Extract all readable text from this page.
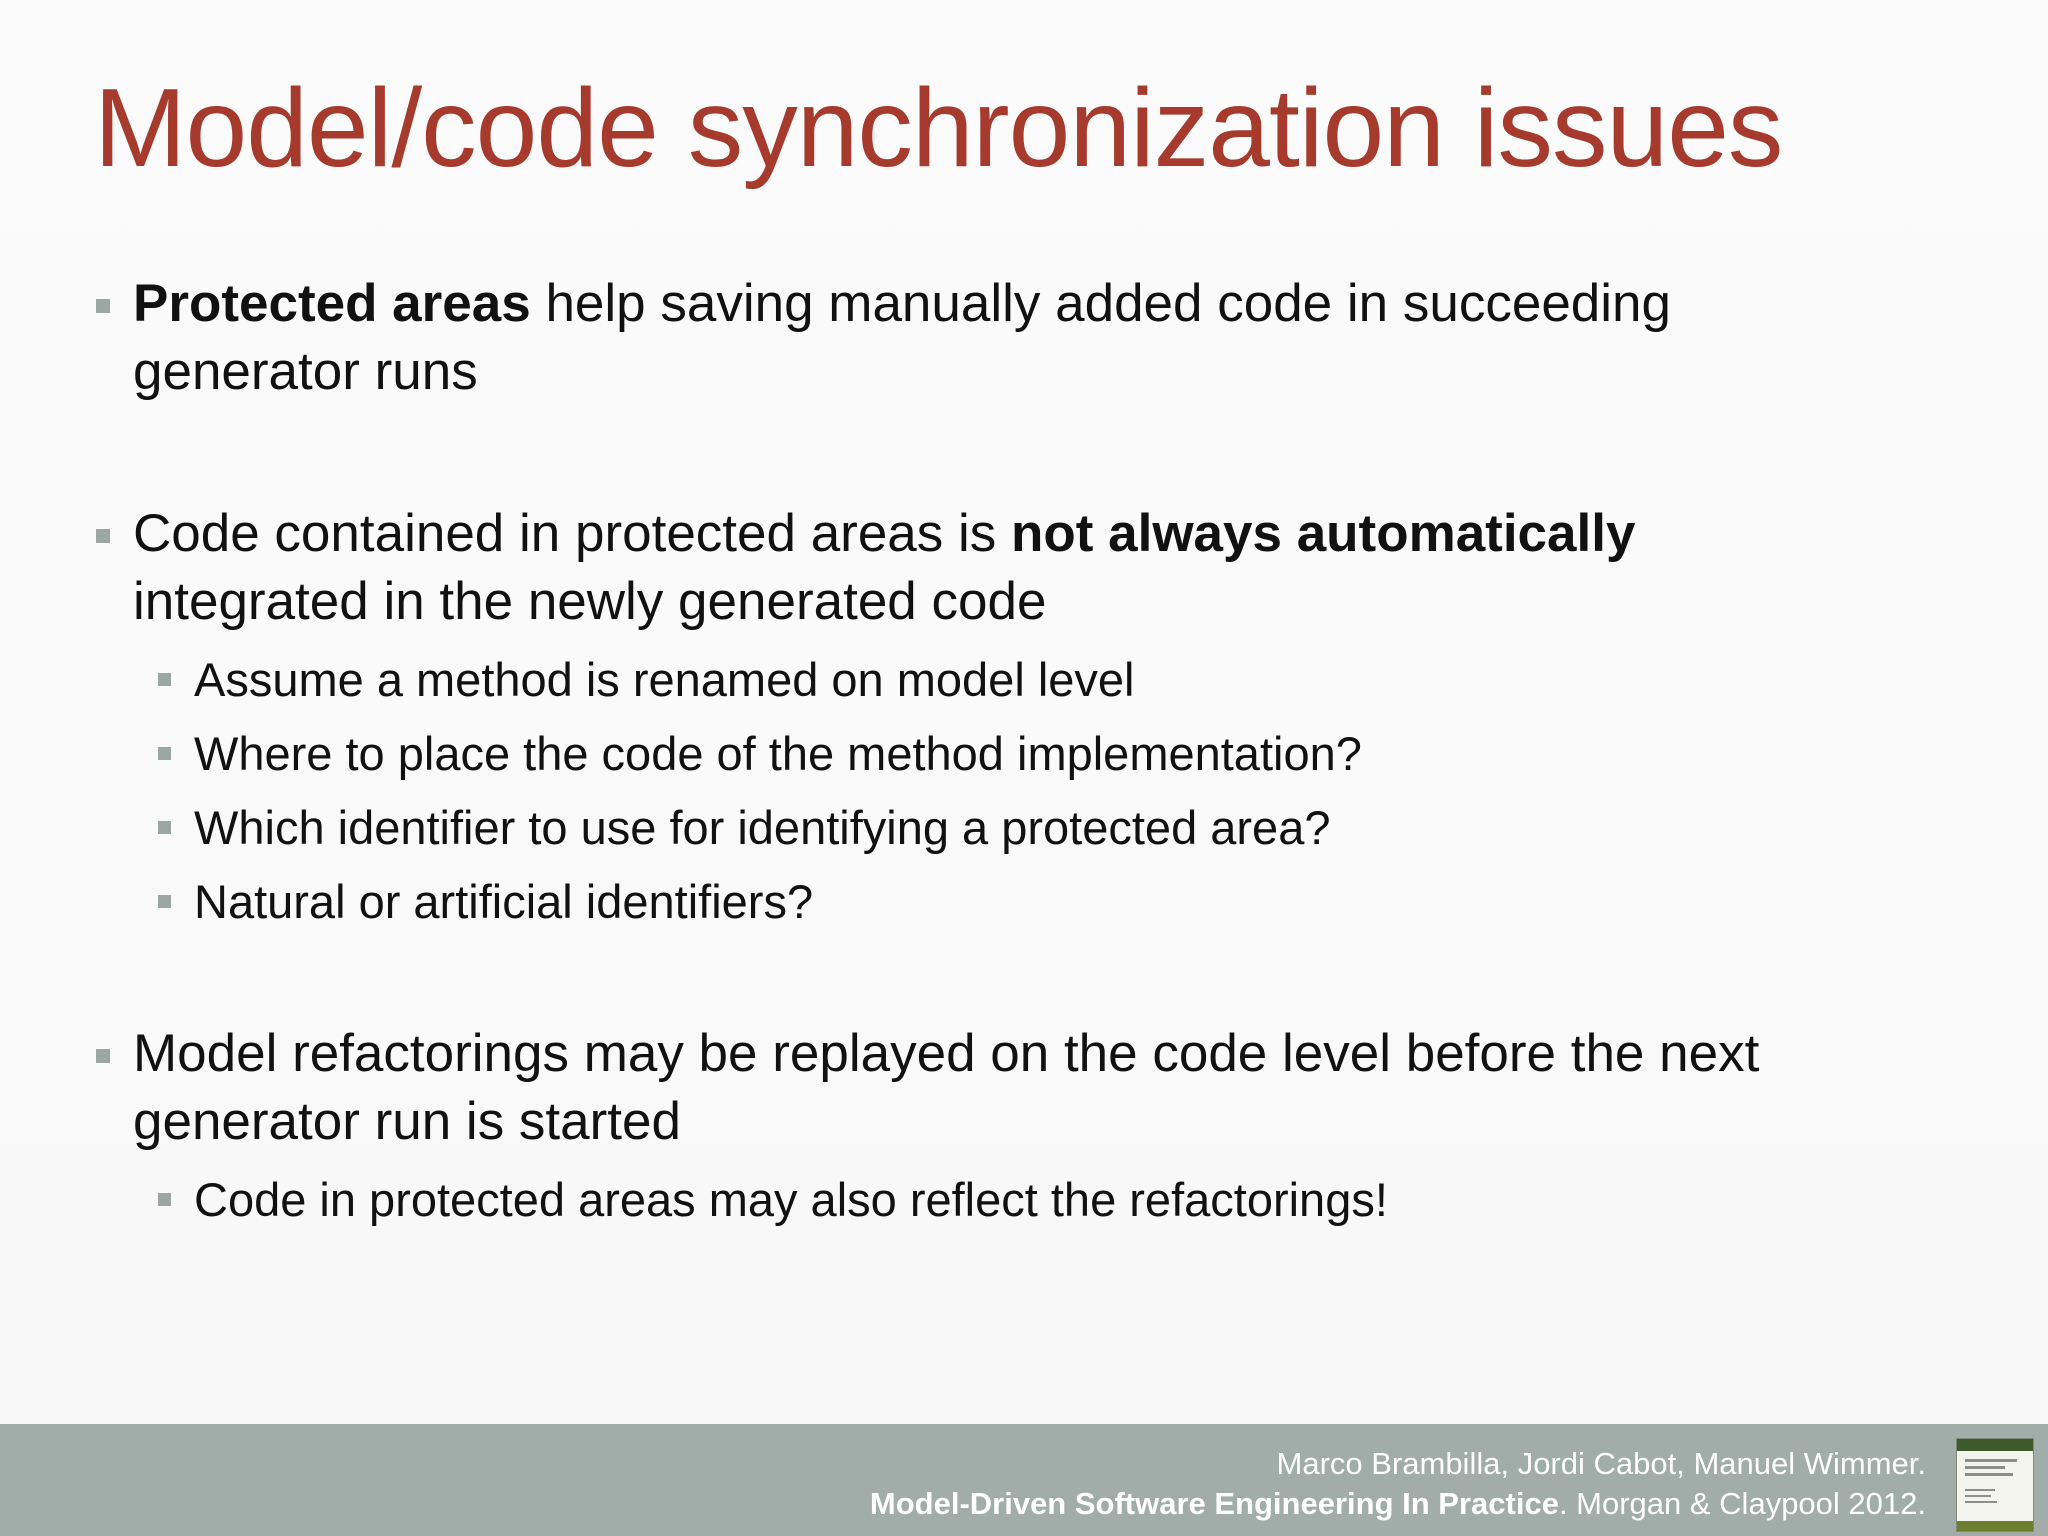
Model/code synchronization issues
Protected areas help saving manually added code in succeeding
generator runs
Code contained in protected areas is not always automatically
integrated in the newly generated code
Assume a method is renamed on model level
Where to place the code of the method implementation?
Which identifier to use for identifying a protected area?
Natural or artificial identifiers?
Model refactorings may be replayed on the code level before the next
generator run is started
Code in protected areas may also reflect the refactorings!
Marco Brambilla, Jordi Cabot, Manuel Wimmer.
Model-Driven Software Engineering In Practice. Morgan & Claypool 2012.
